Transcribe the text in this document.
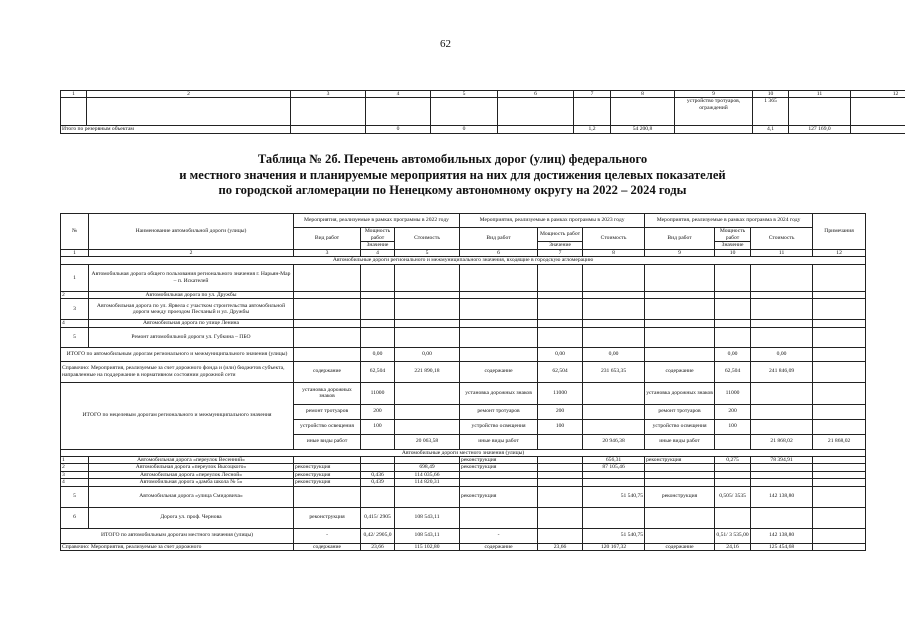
62
1	2	3	4	5	6	7	8	9	10	11	12
								устройство тротуаров, ограждений	1 365		
Итого по резервным объектам			0	0		1,2	54 200,8		4,1	127 169,0	
Таблица № 2б. Перечень автомобильных дорог (улиц) федерального
и местного значения и планируемые мероприятия на них для достижения целевых показателей
по городской агломерации по Ненецкому автономному округу на 2022 – 2024 годы
№	Наименование автомобильной дороги (улицы)	Мероприятия, реализуемые в рамках программы в 2022 году			Мероприятия, реализуемые в рамках программы в 2023 году			Мероприятия, реализуемые в рамках программа в 2024 году			Примечания
		Вид работ	Мощность работ	Стоимость	Вид работ	Мощность работ	Стоимость	Вид работ	Мощность работ	Стоимость	
			Значение			Значение			Значение		
1	2	3	4	5	6	7	8	9	10	11	12
Автомобильные дороги регионального и межмуниципального значения, входящие в городскую агломерацию											
1	Автомобильная дорога общего пользования регионального значения г. Нарьян-Мар – п. Искателей										
2	Автомобильная дорога по ул. Дружбы										
3	Автомобильная дорога по ул. Ярвела с участком строительства автомобильной дороги между проездом Песчаный и ул. Дружбы										
4	Автомобильная дорога по улице Ленина										
5	Ремонт автомобильной дороги ул. Губкина – ПБО										
ИТОГО по автомобильным дорогам регионального и межмуниципального значения (улицы)			0,00	0,00		0,00	0,00		0,00	0,00	
Справочно: Мероприятия, реализуемые за счет дорожного фонда и (или) бюджетов субъекта, направленные на поддержание в нормативном состоянии дорожной сети		содержание	62,504	221 890,18	содержание	62,504	231 653,35	содержание	62,504	241 846,09	
ИТОГО по нецелевым дорогам регионального и межмуниципального значения		установка дорожных знаков	11000		установка дорожных знаков	11000		установка дорожных знаков	11000		
		ремонт тротуаров	200		ремонт тротуаров	200		ремонт тротуаров	200		
		устройство освещения	100		устройство освещения	100		устройство освещения	100		
		иные виды работ		20 063,58	иные виды работ		20 946,38	иные виды работ		21 868,02	21 868,02
Автомобильные дороги местного значения (улицы)											
1	Автомобильная дорога «переулок Весенний»				реконструкция		656,31	реконструкция	0,275	78 394,91	
2	Автомобильная дорога «переулок Высоцкого»	реконструкция		698,49	реконструкция		87 105,46				
3	Автомобильная дорога «переулок Лесной»	реконструкция	0,436	114 035,66							
4	Автомобильная дорога «дамба школа № 5»	реконструкция	0,439	114 820,31							
5	Автомобильная дорога «улица Смидовича»				реконструкция		51 540,75	реконструкция	0,505/ 3535	142 138,80	
6	Дорога ул. проф. Чернова	реконструкция	0,415/ 2905	108 543,11							
ИТОГО по автомобильным дорогам местного значения (улицы)		-	0,42/ 2905,0	108 543,11	-		51 540,75		0,51/ 3 535,00	142 138,80	
Справочно: Мероприятия, реализуемые за счет дорожного		содержание	23,66	115 102,80	содержание	23,66	120 167,32	содержание	24,16	125 454,68	
